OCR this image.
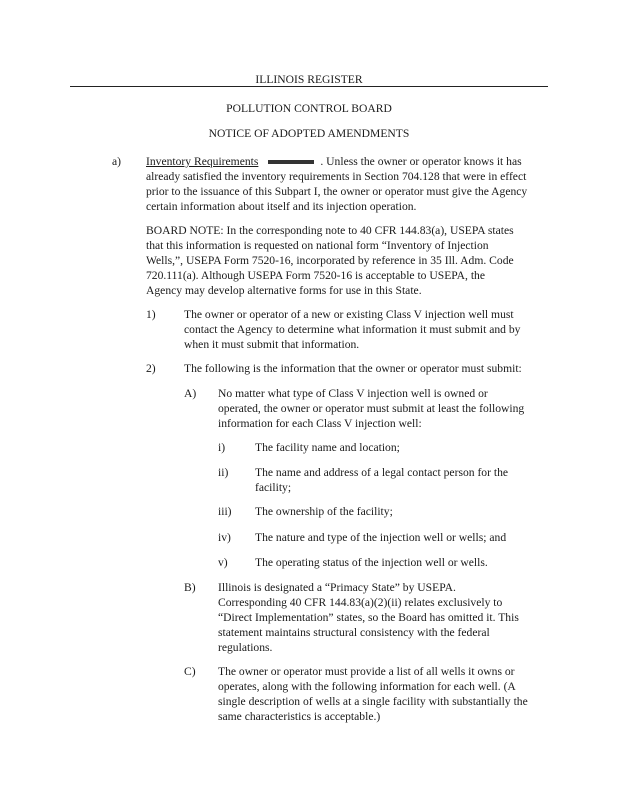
ILLINOIS REGISTER
POLLUTION CONTROL BOARD
NOTICE OF ADOPTED AMENDMENTS
a) Inventory Requirements	. Unless the owner or operator knows it has
already satisfied the inventory requirements in Section 704.128 that were in effect
prior to the issuance of this Subpart I, the owner or operator must give the Agency
certain information about itself and its injection operation.
BOARD NOTE: In the corresponding note to 40 CFR 144.83(a), USEPA states
that this information is requested on national form “Inventory of Injection
Wells,”, USEPA Form 7520-16, incorporated by reference in 35 Ill. Adm. Code
720.111(a). Although USEPA Form 7520-16 is acceptable to USEPA, the
Agency may develop alternative forms for use in this State.
1) The owner or operator of a new or existing Class V injection well must
contact the Agency to determine what information it must submit and by
when it must submit that information.
2) The following is the information that the owner or operator must submit:
A) No matter what type of Class V injection well is owned or
operated, the owner or operator must submit at least the following
information for each Class V injection well:
i)	The facility name and location;
ii) The name and address of a legal contact person for the
facility;
iii) The ownership of the facility;
iv) The nature and type of the injection well or wells; and
v) The operating status of the injection well or wells.
B) Illinois is designated a “Primacy State” by USEPA.
Corresponding 40 CFR 144.83(a)(2)(ii) relates exclusively to
“Direct Implementation” states, so the Board has omitted it. This
statement maintains structural consistency with the federal
regulations.
C) The owner or operator must provide a list of all wells it owns or
operates, along with the following information for each well. (A
single description of wells at a single facility with substantially the
same characteristics is acceptable.)
